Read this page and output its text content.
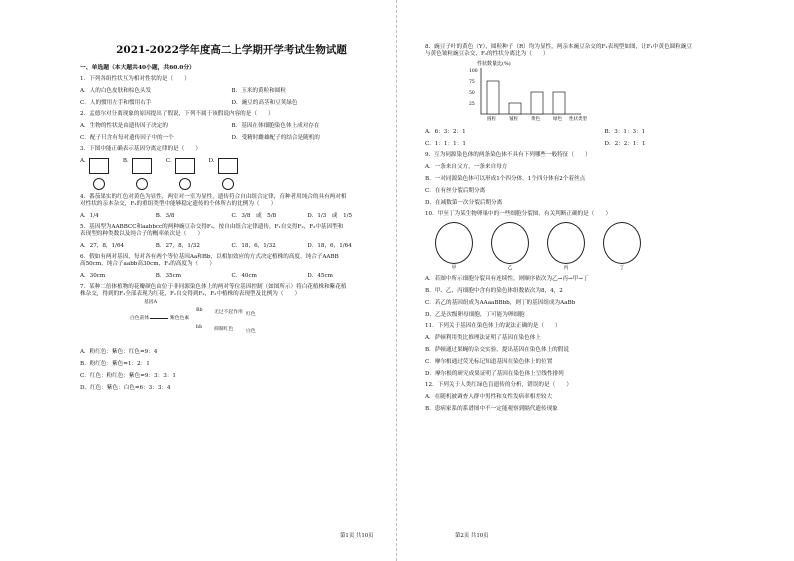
2021-2022学年度高二上学期开学考试生物试题
一、单选题（本大题共40小题，共60.0分）
1．下列各组性状互为相对性状的是（　　）
A．人的白色皮肤和棕色头发	B．玉米的黄粒和圆粒
C．人的惯用左手和惯用右手	D．豌豆的高茎和豆荚绿色
2．孟德尔对分离现象的原因提出了假说，下列不属于该假说内容的是（　　）
A．生物的性状是由遗传因子决定的	B．基因在体细胞染色体上成对存在
C．配子只含有每对遗传因子中的一个	D．受精时雌雄配子的结合是随机的
3．下图中能正确表示基因分离定律的是（　　）
A.	B.	C.	D.
4．番茄果实的红色对黄色为显性，两室对一室为显性，遗传符合自由组合定律，育种者用纯合的具有两对相
对性状的亲本杂交，F₂的重组类型中能够稳定遗传的个体所占的比例为（　　）
A．1/4	B．3/8	C．3/8　或　5/8	D．1/3　或　1/5
5．基因型为AABBCC和aabbcc的两种豌豆杂交得F₁，按自由组合定律遗传，F₁自交得F₂，F₂中基因型和
表现型的种类数以及纯合子的概率依次是（　　）
A．27，8，1/64	B．27，8，1/32	C．18，6，1/32	D．18，6，1/64
6．假如有两对基因，每对各有两个等位基因Aa和Bb，以相加效应的方式决定植株的高度。纯合子AABB
高50cm，纯合子aabb高30cm，F₁的高度为（　　）
A．30cm	B．35cm	C．40cm	D．45cm
7．某种二倍体植物的花瓣颜色由位于非同源染色体上的两对等位基因控制（如图所示）将白花植株和紫花植
株杂交，得到的F₁全部表现为红花，F₁自交得到F₂，F₂中植株的表现型及比例为（　　）
基因A
白色前体	紫色色素
Bb 无过不起作用 红色
bb 抑制红色	白色
A．粉红色：紫色：红色=9：4
B．粉红色：紫色=1：2：1
C．红色：粉红色：紫色=9：3：3：1
D．红色：紫色：白色=6：3：3：4
8．豌豆子叶的黄色（Y），圆粒种子（R）均为显性，两亲本豌豆杂交的F₁表现型如图，让F₁中黄色圆粒豌豆
与黄色皱粒豌豆杂交，F₂的性状分离比为（　　）
性状数量比(%)
100
75
50
25
圆粒	皱粒	黄色	绿色 性状类型
A．6：3：2：1	B．3：1：3：1
C．1：1：1：1	D．2：2：1：1
9．互为同源染色体的两条染色体不具有下列哪些一般特征（　　）
A．一条来自父方，一条来自母方
B．一对同源染色体可以形成1个四分体，1个四分体有2个着丝点
C．在有丝分裂后期分离
D．在减数第一次分裂后期分离
10．甲至丁为某生物卵巢中的一些细胞分裂图，有关判断正确的是（　　）
甲	乙	丙	丁
A．若图中所示细胞分裂具有连续性，则顺序依次为乙→丙→甲→丁
B．甲、乙、丙细胞中含有的染色体组数依次为8，4，2
C．若乙的基因组成为AAaaBBbb，则丁的基因组成为AaBb
D．乙是次级卵母细胞，丁可能为卵细胞
11．下列关于基因在染色体上的说法正确的是（　　）
A．萨顿利用类比推理法证明了基因在染色体上
B．萨顿通过果蝇的杂交实验，提出基因在染色体上的假说
C．摩尔根通过荧光标记知道基因在染色体上的位置
D．摩尔根的研究成果证明了基因在染色体上呈线性排列
12．下列关于人类红绿色盲遗传的分析，错误的是（　　）
A．在随机被调查人群中男性和女性发病率相差较大
B．患病家系的系谱图中不一定能观察到隔代遗传现象
第1页 共10页	第2页 共10页
